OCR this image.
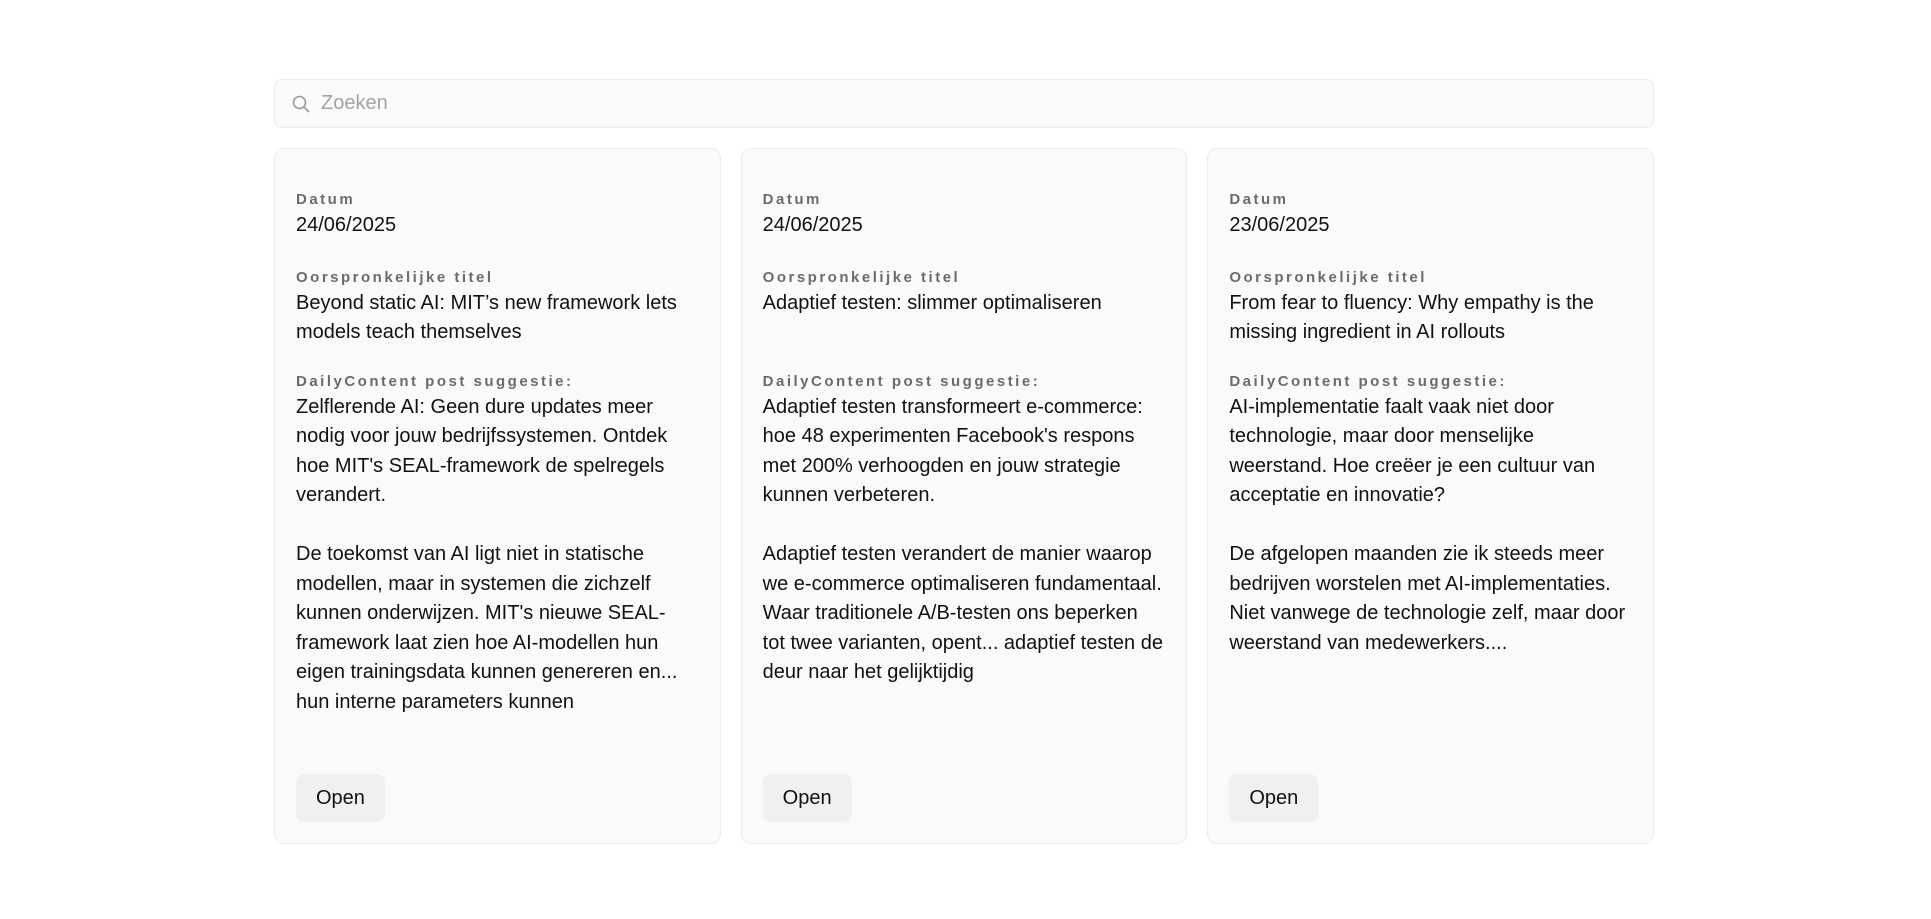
Zoeken
Datum
24/06/2025
Oorspronkelijke titel
Beyond static AI: MIT’s new framework lets models teach themselves
DailyContent post suggestie:
Zelflerende AI: Geen dure updates meer nodig voor jouw bedrijfssystemen. Ontdek hoe MIT's SEAL-framework de spelregels verandert.

De toekomst van AI ligt niet in statische modellen, maar in systemen die zichzelf kunnen onderwijzen. MIT's nieuwe SEAL-framework laat zien hoe AI-modellen hun eigen trainingsdata kunnen genereren en... hun interne parameters kunnen
Open
Datum
24/06/2025
Oorspronkelijke titel
Adaptief testen: slimmer optimaliseren
DailyContent post suggestie:
Adaptief testen transformeert e-commerce: hoe 48 experimenten Facebook's respons met 200% verhoogden en jouw strategie kunnen verbeteren.

Adaptief testen verandert de manier waarop we e-commerce optimaliseren fundamentaal. Waar traditionele A/B-testen ons beperken tot twee varianten, opent... adaptief testen de deur naar het gelijktijdig
Open
Datum
23/06/2025
Oorspronkelijke titel
From fear to fluency: Why empathy is the missing ingredient in AI rollouts
DailyContent post suggestie:
AI-implementatie faalt vaak niet door technologie, maar door menselijke weerstand. Hoe creëer je een cultuur van acceptatie en innovatie?

De afgelopen maanden zie ik steeds meer bedrijven worstelen met AI-implementaties. Niet vanwege de technologie zelf, maar door weerstand van medewerkers....
Open
